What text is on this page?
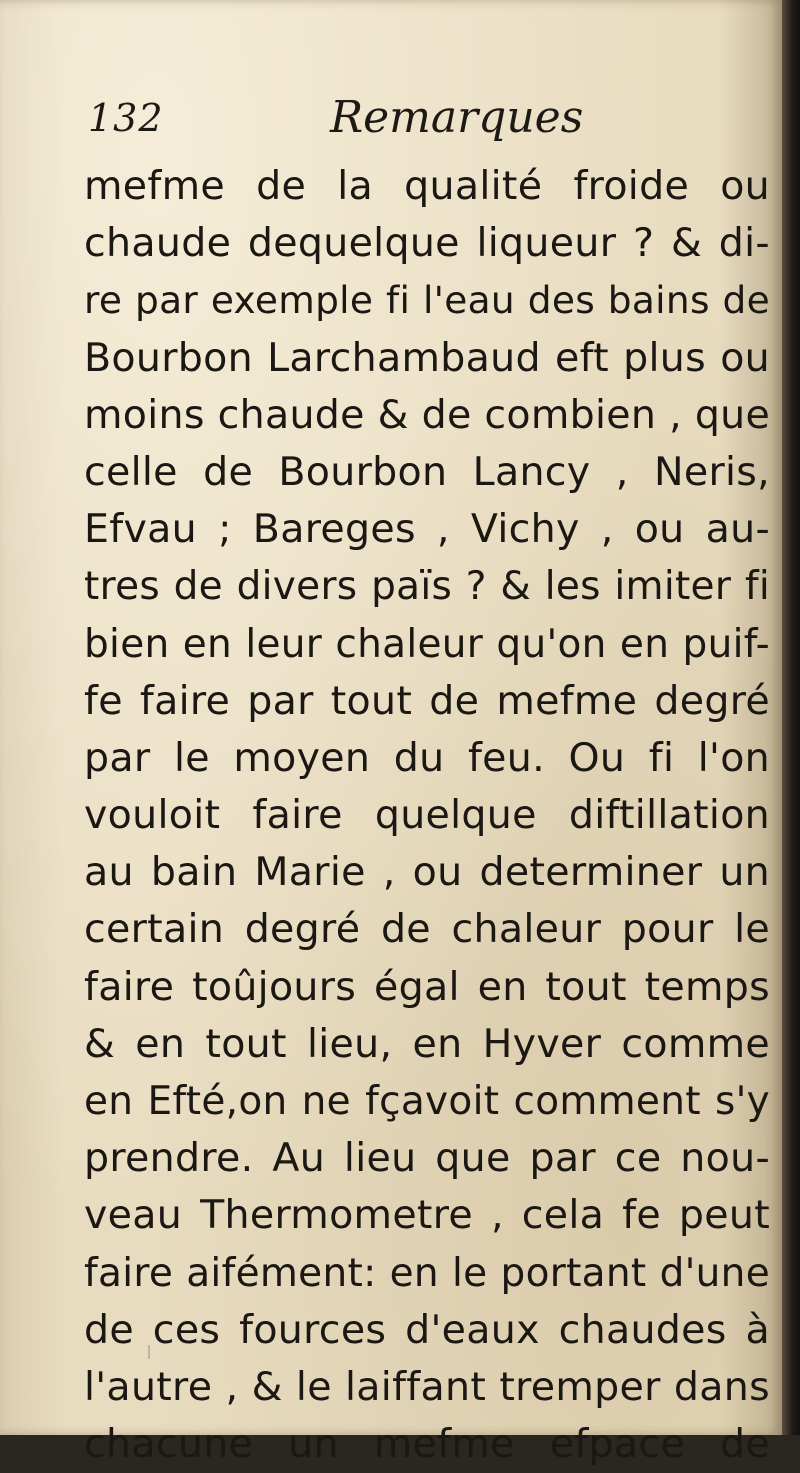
132	Remarques
mefme de la qualité froide ou
chaude dequelque liqueur ? & di-
re par exemple fi l'eau des bains de
Bourbon Larchambaud eft plus ou
moins chaude & de combien , que
celle de Bourbon Lancy , Neris,
Efvau ; Bareges , Vichy , ou au-
tres de divers païs ? & les imiter fi
bien en leur chaleur qu'on en puif-
fe faire par tout de mefme degré
par le moyen du feu. Ou fi l'on
vouloit faire quelque diftillation
au bain Marie , ou determiner un
certain degré de chaleur pour le
faire toûjours égal en tout temps
& en tout lieu, en Hyver comme
en Efté,on ne fçavoit comment s'y
prendre. Au lieu que par ce nou-
veau Thermometre , cela fe peut
faire aifément: en le portant d'une
de ces fources d'eaux chaudes à
l'autre , & le laiffant tremper dans
chacune un mefme efpace de
